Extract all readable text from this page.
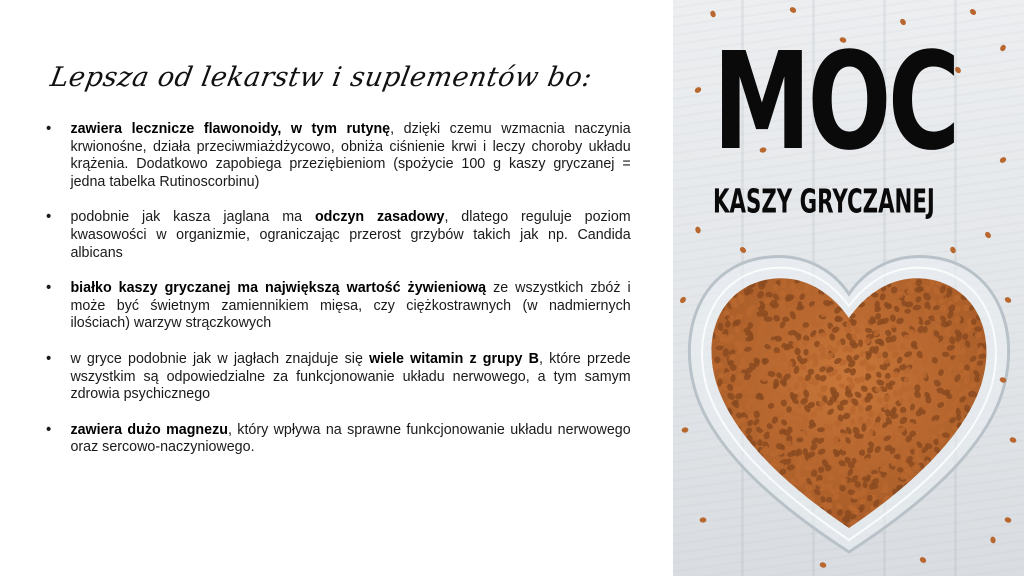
Lepsza od lekarstw i suplementów bo:
• zawiera lecznicze flawonoidy, w tym rutynę, dzięki czemu wzmacnia naczynia krwionośne, działa przeciwmiażdżycowo, obniża ciśnienie krwi i leczy choroby układu krążenia. Dodatkowo zapobiega przeziębieniom (spożycie 100 g kaszy gryczanej = jedna tabelka Rutinoscorbinu)
• podobnie jak kasza jaglana ma odczyn zasadowy, dlatego reguluje poziom kwasowości w organizmie, ograniczając przerost grzybów takich jak np. Candida albicans
• białko kaszy gryczanej ma największą wartość żywieniową ze wszystkich zbóż i może być świetnym zamiennikiem mięsa, czy ciężkostrawnych (w nadmiernych ilościach) warzyw strączkowych
• w gryce podobnie jak w jagłach znajduje się wiele witamin z grupy B, które przede wszystkim są odpowiedzialne za funkcjonowanie układu nerwowego, a tym samym zdrowia psychicznego
• zawiera dużo magnezu, który wpływa na sprawne funkcjonowanie układu nerwowego oraz sercowo-naczyniowego.
MOC
KASZY GRYCZANEJ
